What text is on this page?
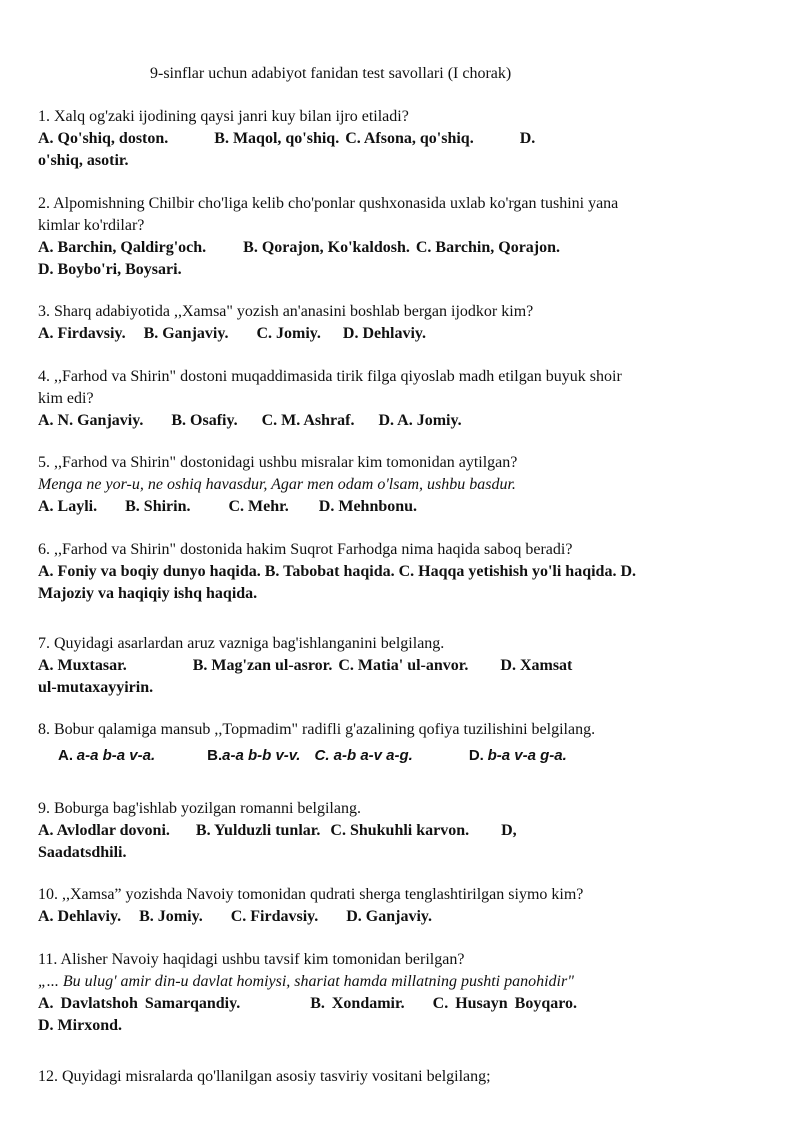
9-sinflar uchun adabiyot fanidan test savollari (I chorak)
1. Xalq og'zaki ijodining qaysi janri kuy bilan ijro etiladi?
A. Qo'shiq, doston.	B. Maqol, qo'shiq. C. Afsona, qo'shiq.	D.
o'shiq, asotir.
2. Alpomishning Chilbir cho'liga kelib cho'ponlar qushxonasida uxlab ko'rgan tushini yana
kimlar ko'rdilar?
A. Barchin, Qaldirg'och. B. Qorajon, Ko'kaldosh. C. Barchin, Qorajon.
D. Boybo'ri, Boysari.
3. Sharq adabiyotida ,,Xamsa" yozish an'anasini boshlab bergan ijodkor kim?
A. Firdavsiy. B. Ganjaviy. C. Jomiy. D. Dehlaviy.
4. ,,Farhod va Shirin" dostoni muqaddimasida tirik filga qiyoslab madh etilgan buyuk shoir
kim edi?
A. N. Ganjaviy. B. Osafiy. C. M. Ashraf. D. A. Jomiy.
5. ,,Farhod va Shirin" dostonidagi ushbu misralar kim tomonidan aytilgan?
Menga ne yor-u, ne oshiq havasdur, Agar men odam o'lsam, ushbu basdur.
A. Layli. B. Shirin. C. Mehr. D. Mehnbonu.
6. ,,Farhod va Shirin" dostonida hakim Suqrot Farhodga nima haqida saboq beradi?
A. Foniy va boqiy dunyo haqida. B. Tabobat haqida. C. Haqqa yetishish yo'li haqida. D.
Majoziy va haqiqiy ishq haqida.
7. Quyidagi asarlardan aruz vazniga bag'ishlanganini belgilang.
A. Muxtasar.	B. Mag'zan ul-asror. C. Matia' ul-anvor. D. Xamsat
ul-mutaxayyirin.
8. Bobur qalamiga mansub ,,Topmadim" radifli g'azalining qofiya tuzilishini belgilang.
A. a-a b-a v-a.	B.a-a b-b v-v. C. a-b a-v a-g.	D. b-a v-a g-a.
9. Boburga bag'ishlab yozilgan romanni belgilang.
A. Avlodlar dovoni. B. Yulduzli tunlar. C. Shukuhli karvon. D,
Saadatsdhili.
10. ,,Xamsa” yozishda Navoiy tomonidan qudrati sherga tenglashtirilgan siymo kim?
A. Dehlaviy. B. Jomiy. C. Firdavsiy. D. Ganjaviy.
11. Alisher Navoiy haqidagi ushbu tavsif kim tomonidan berilgan?
„... Bu ulug' amir din-u davlat homiysi, shariat hamda millatning pushti panohidir"
A. Davlatshoh Samarqandiy.	B. Xondamir. C. Husayn Boyqaro.
D. Mirxond.
12. Quyidagi misralarda qo'llanilgan asosiy tasviriy vositani belgilang;
